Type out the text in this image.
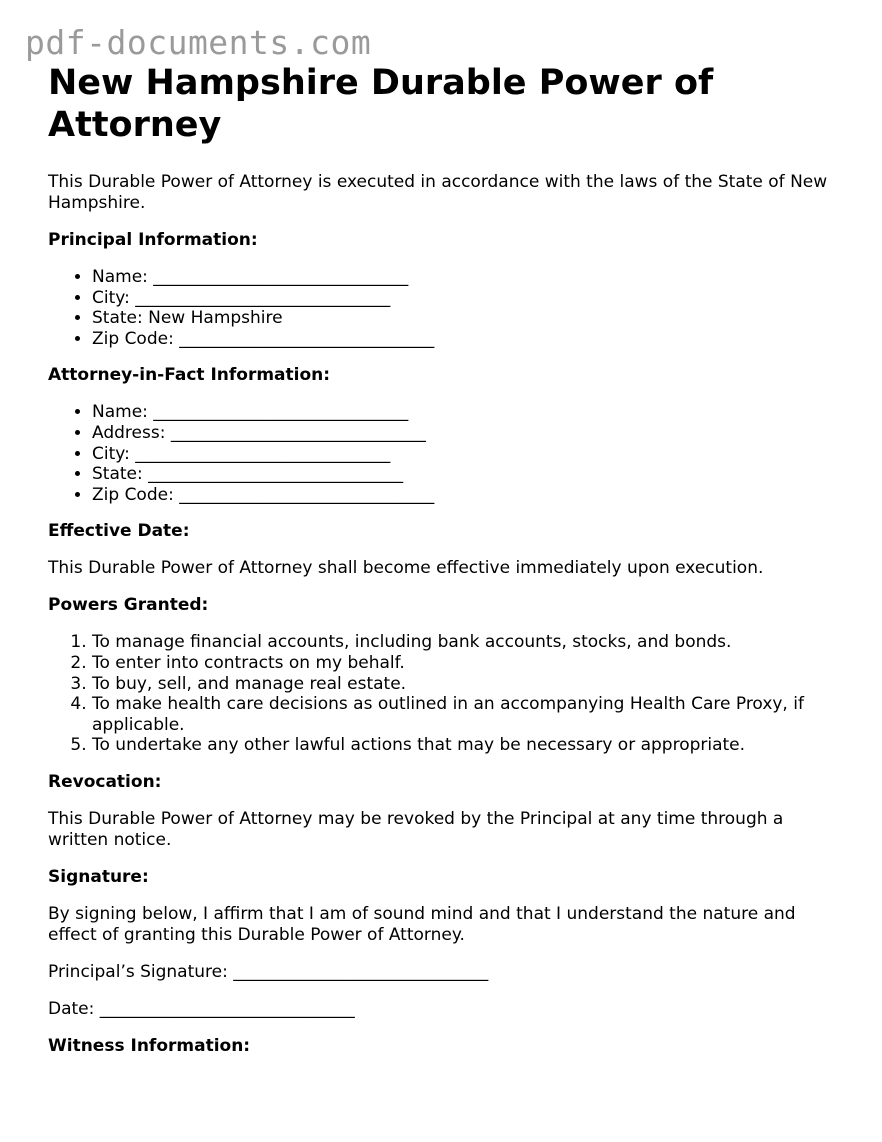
pdf-documents.com
New Hampshire Durable Power of Attorney

This Durable Power of Attorney is executed in accordance with the laws of the State of New Hampshire.

Principal Information:
• Name: ______________________________
• City: ______________________________
• State: New Hampshire
• Zip Code: ______________________________
Attorney-in-Fact Information:
• Name: ______________________________
• Address: ______________________________
• City: ______________________________
• State: ______________________________
• Zip Code: ______________________________
Effective Date:

This Durable Power of Attorney shall become effective immediately upon execution.

Powers Granted:
1. To manage financial accounts, including bank accounts, stocks, and bonds.
2. To enter into contracts on my behalf.
3. To buy, sell, and manage real estate.
4. To make health care decisions as outlined in an accompanying Health Care Proxy, if applicable.
5. To undertake any other lawful actions that may be necessary or appropriate.
Revocation:

This Durable Power of Attorney may be revoked by the Principal at any time through a written notice.

Signature:

By signing below, I affirm that I am of sound mind and that I understand the nature and effect of granting this Durable Power of Attorney.

Principal’s Signature: ______________________________

Date: ______________________________

Witness Information:
